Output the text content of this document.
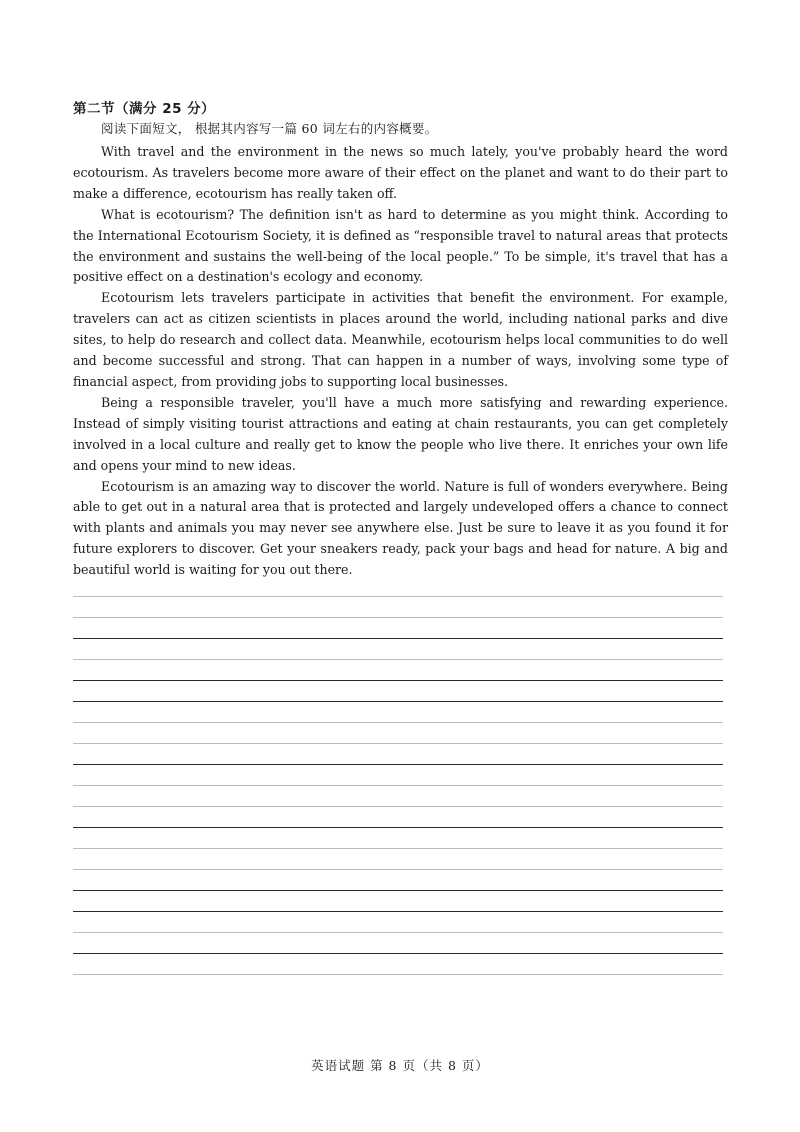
第二节（满分 25 分）
阅读下面短文， 根据其内容写一篇 60 词左右的内容概要。

With travel and the environment in the news so much lately, you've probably heard the word ecotourism. As travelers become more aware of their effect on the planet and want to do their part to make a difference, ecotourism has really taken off.

What is ecotourism? The definition isn't as hard to determine as you might think. According to the International Ecotourism Society, it is defined as “responsible travel to natural areas that protects the environment and sustains the well-being of the local people.” To be simple, it's travel that has a positive effect on a destination's ecology and economy.

Ecotourism lets travelers participate in activities that benefit the environment. For example, travelers can act as citizen scientists in places around the world, including national parks and dive sites, to help do research and collect data. Meanwhile, ecotourism helps local communities to do well and become successful and strong. That can happen in a number of ways, involving some type of financial aspect, from providing jobs to supporting local businesses.

Being a responsible traveler, you'll have a much more satisfying and rewarding experience. Instead of simply visiting tourist attractions and eating at chain restaurants, you can get completely involved in a local culture and really get to know the people who live there. It enriches your own life and opens your mind to new ideas.

Ecotourism is an amazing way to discover the world. Nature is full of wonders everywhere. Being able to get out in a natural area that is protected and largely undeveloped offers a chance to connect with plants and animals you may never see anywhere else. Just be sure to leave it as you found it for future explorers to discover. Get your sneakers ready, pack your bags and head for nature. A big and beautiful world is waiting for you out there.

英语试题 第 8 页（共 8 页）
